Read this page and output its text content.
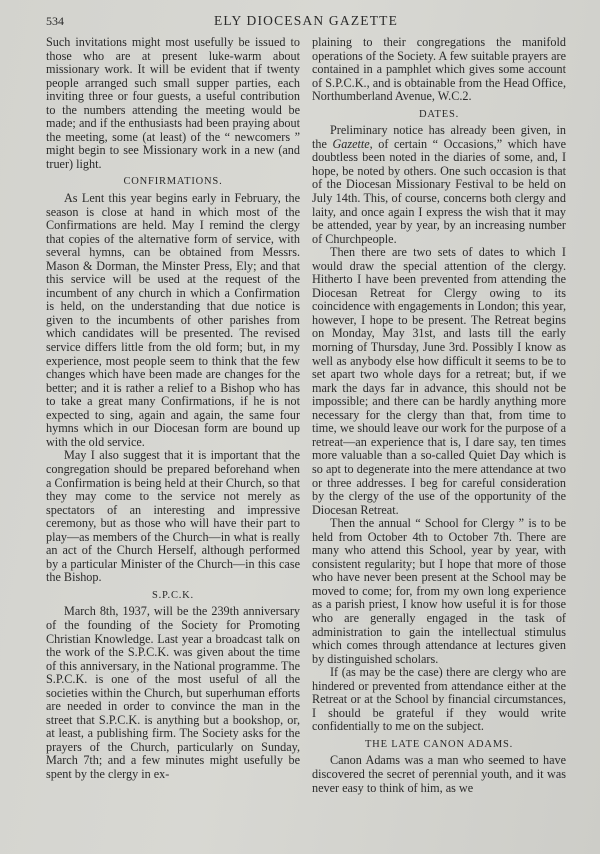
534	ELY DIOCESAN GAZETTE

Such invitations might most usefully be issued to those who are at present luke-warm about missionary work. It will be evident that if twenty people arranged such small supper parties, each inviting three or four guests, a useful contribution to the numbers attending the meeting would be made; and if the enthusiasts had been praying about the meeting, some (at least) of the “ newcomers ” might begin to see Missionary work in a new (and truer) light.

CONFIRMATIONS.

As Lent this year begins early in February, the season is close at hand in which most of the Confirmations are held. May I remind the clergy that copies of the alternative form of service, with several hymns, can be obtained from Messrs. Mason & Dorman, the Minster Press, Ely; and that this service will be used at the request of the incumbent of any church in which a Confirmation is held, on the understanding that due notice is given to the incumbents of other parishes from which candidates will be presented. The revised service differs little from the old form; but, in my experience, most people seem to think that the few changes which have been made are changes for the better; and it is rather a relief to a Bishop who has to take a great many Confirmations, if he is not expected to sing, again and again, the same four hymns which in our Diocesan form are bound up with the old service.

May I also suggest that it is important that the congregation should be prepared beforehand when a Confirmation is being held at their Church, so that they may come to the service not merely as spectators of an interesting and impressive ceremony, but as those who will have their part to play—as members of the Church—in what is really an act of the Church Herself, although performed by a particular Minister of the Church—in this case the Bishop.

S.P.C.K.

March 8th, 1937, will be the 239th anniversary of the founding of the Society for Promoting Christian Knowledge. Last year a broadcast talk on the work of the S.P.C.K. was given about the time of this anniversary, in the National programme. The S.P.C.K. is one of the most useful of all the societies within the Church, but superhuman efforts are needed in order to convince the man in the street that S.P.C.K. is anything but a bookshop, or, at least, a publishing firm. The Society asks for the prayers of the Church, particularly on Sunday, March 7th; and a few minutes might usefully be spent by the clergy in ex-

plaining to their congregations the manifold operations of the Society. A few suitable prayers are contained in a pamphlet which gives some account of S.P.C.K., and is obtainable from the Head Office, Northumberland Avenue, W.C.2.

DATES.

Preliminary notice has already been given, in the Gazette, of certain “ Occasions,” which have doubtless been noted in the diaries of some, and, I hope, be noted by others. One such occasion is that of the Diocesan Missionary Festival to be held on July 14th. This, of course, concerns both clergy and laity, and once again I express the wish that it may be attended, year by year, by an increasing number of Churchpeople.

Then there are two sets of dates to which I would draw the special attention of the clergy. Hitherto I have been prevented from attending the Diocesan Retreat for Clergy owing to its coincidence with engagements in London; this year, however, I hope to be present. The Retreat begins on Monday, May 31st, and lasts till the early morning of Thursday, June 3rd. Possibly I know as well as anybody else how difficult it seems to be to set apart two whole days for a retreat; but, if we mark the days far in advance, this should not be impossible; and there can be hardly anything more necessary for the clergy than that, from time to time, we should leave our work for the purpose of a retreat—an experience that is, I dare say, ten times more valuable than a so-called Quiet Day which is so apt to degenerate into the mere attendance at two or three addresses. I beg for careful consideration by the clergy of the use of the opportunity of the Diocesan Retreat.

Then the annual “ School for Clergy ” is to be held from October 4th to October 7th. There are many who attend this School, year by year, with consistent regularity; but I hope that more of those who have never been present at the School may be moved to come; for, from my own long experience as a parish priest, I know how useful it is for those who are generally engaged in the task of administration to gain the intellectual stimulus which comes through attendance at lectures given by distinguished scholars.

If (as may be the case) there are clergy who are hindered or prevented from attendance either at the Retreat or at the School by financial circumstances, I should be grateful if they would write confidentially to me on the subject.

THE LATE CANON ADAMS.

Canon Adams was a man who seemed to have discovered the secret of perennial youth, and it was never easy to think of him, as we
